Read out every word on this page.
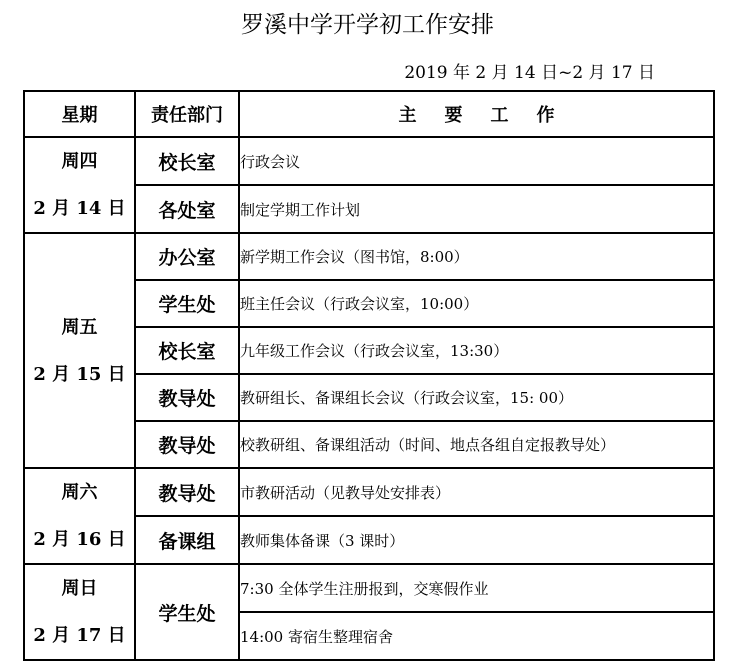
罗溪中学开学初工作安排
2019 年 2 月 14 日~2 月 17 日
星期	责任部门	主 要 工 作

周四
2 月 14 日	校长室	行政会议
	各处室	制定学期工作计划

周五
2 月 15 日	办公室	新学期工作会议（图书馆，8:00）
	学生处	班主任会议（行政会议室，10:00）
	校长室	九年级工作会议（行政会议室，13:30）
	教导处	教研组长、备课组长会议（行政会议室，15: 00）
	教导处	校教研组、备课组活动（时间、地点各组自定报教导处）

周六
2 月 16 日	教导处	市教研活动（见教导处安排表）
	备课组	教师集体备课（3 课时）

周日
2 月 17 日	学生处	7:30 全体学生注册报到，交寒假作业
		14:00 寄宿生整理宿舍
